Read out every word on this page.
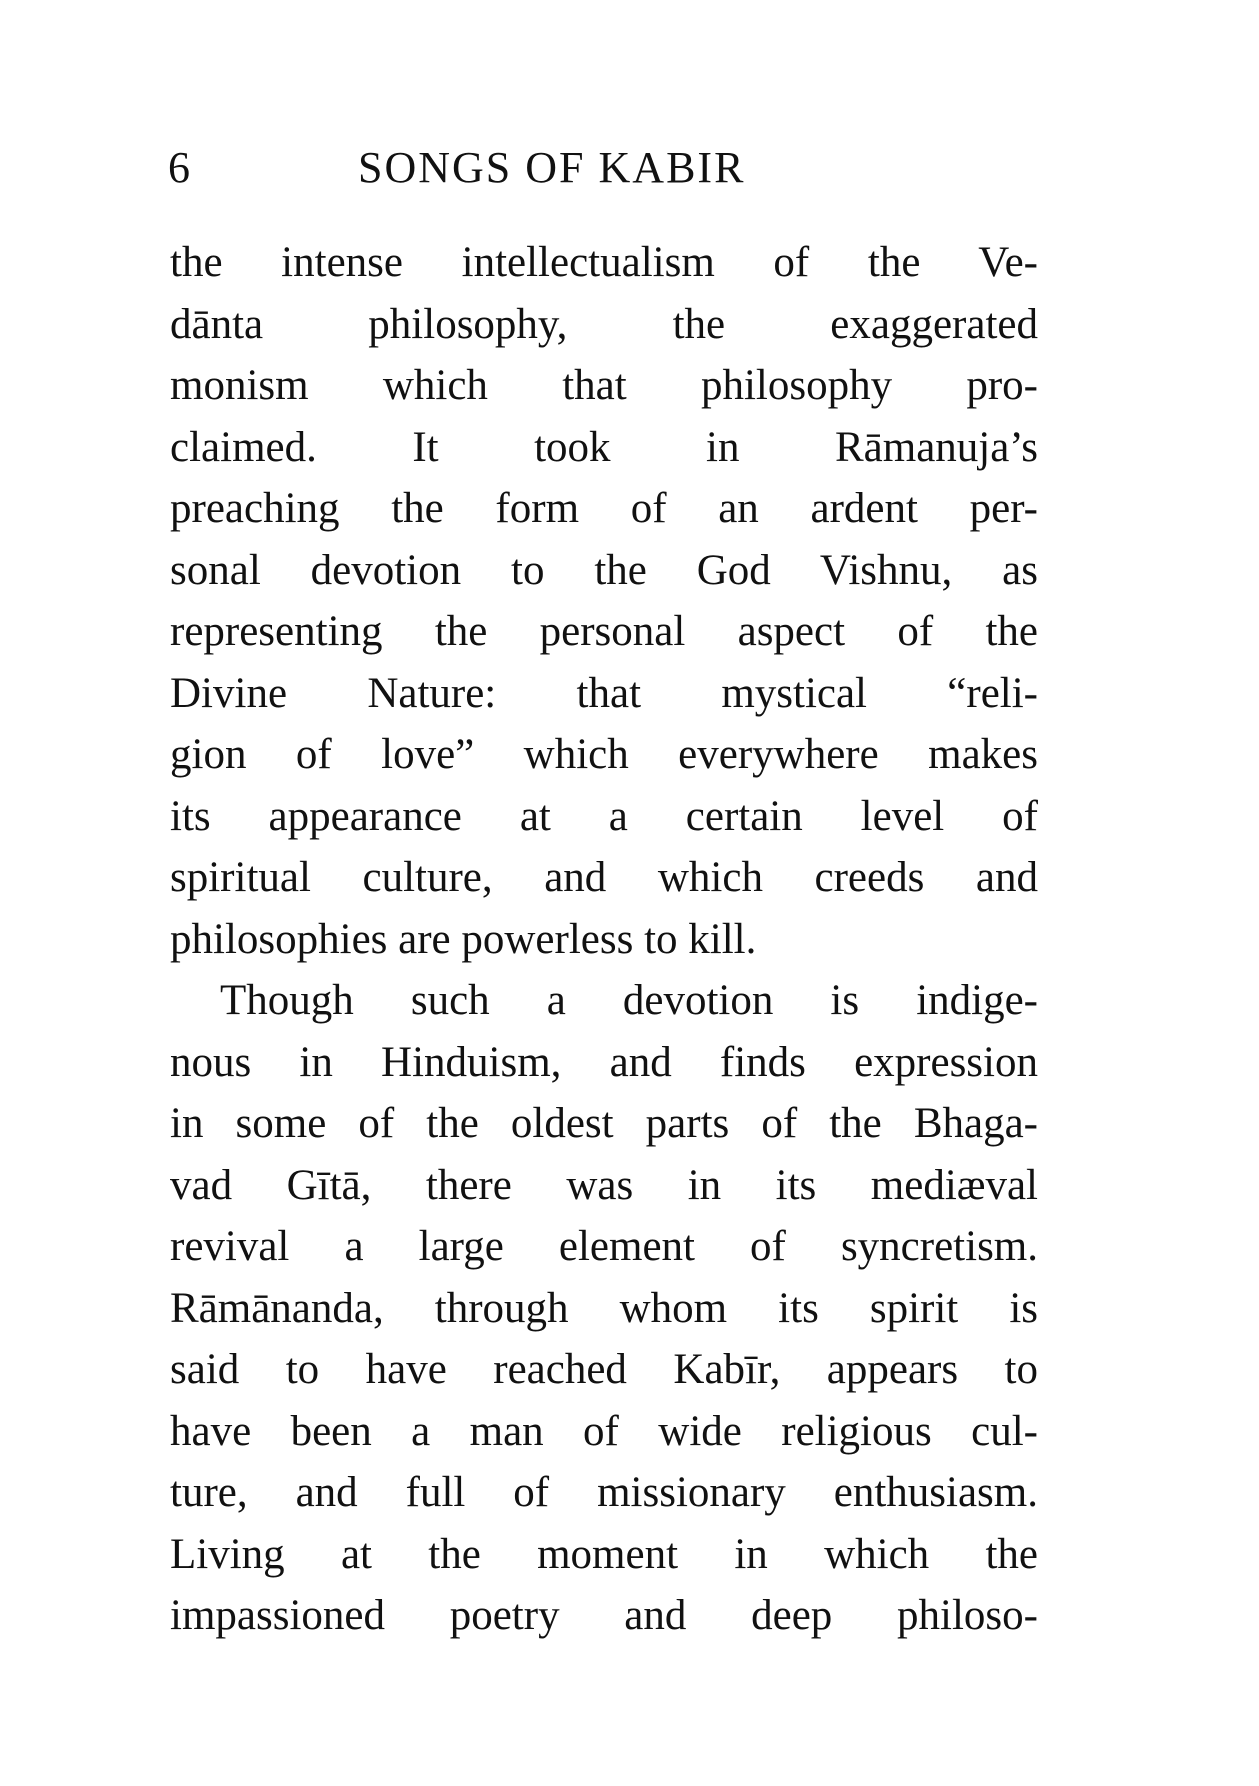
6	SONGS OF KABIR
the intense intellectualism of the Ve-
dānta philosophy, the exaggerated
monism which that philosophy pro-
claimed. It took in Rāmanuja’s
preaching the form of an ardent per-
sonal devotion to the God Vishnu, as
representing the personal aspect of the
Divine Nature: that mystical “reli-
gion of love” which everywhere makes
its appearance at a certain level of
spiritual culture, and which creeds and
philosophies are powerless to kill.
Though such a devotion is indige-
nous in Hinduism, and finds expression
in some of the oldest parts of the Bhaga-
vad Gītā, there was in its mediæval
revival a large element of syncretism.
Rāmānanda, through whom its spirit is
said to have reached Kabīr, appears to
have been a man of wide religious cul-
ture, and full of missionary enthusiasm.
Living at the moment in which the
impassioned poetry and deep philoso-
